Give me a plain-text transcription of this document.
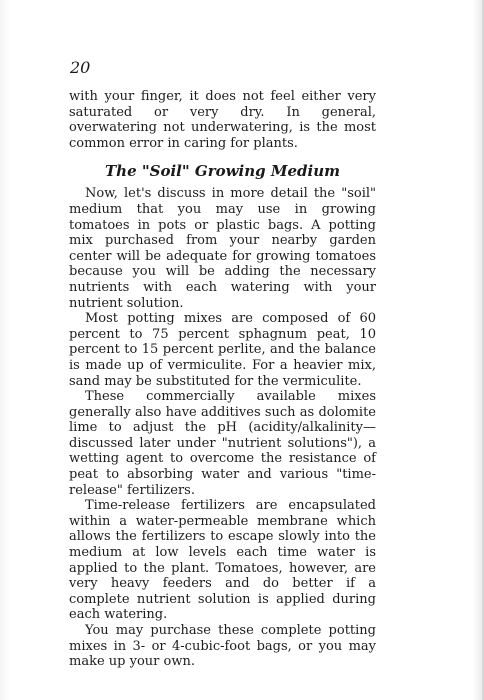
20

with your finger, it does not feel either very saturated or very dry. In general, overwatering not underwatering, is the most common error in caring for plants.

The "Soil" Growing Medium

Now, let's discuss in more detail the "soil" medium that you may use in growing tomatoes in pots or plastic bags. A potting mix purchased from your nearby garden center will be adequate for growing tomatoes because you will be adding the necessary nutrients with each watering with your nutrient solution.

Most potting mixes are composed of 60 percent to 75 percent sphagnum peat, 10 percent to 15 percent perlite, and the balance is made up of vermiculite. For a heavier mix, sand may be substituted for the vermiculite.

These commercially available mixes generally also have additives such as dolomite lime to adjust the pH (acidity/alkalinity—discussed later under "nutrient solutions"), a wetting agent to overcome the resistance of peat to absorbing water and various "time-release" fertilizers.

Time-release fertilizers are encapsulated within a water-permeable membrane which allows the fertilizers to escape slowly into the medium at low levels each time water is applied to the plant. Tomatoes, however, are very heavy feeders and do better if a complete nutrient solution is applied during each watering.

You may purchase these complete potting mixes in 3- or 4-cubic-foot bags, or you may make up your own.
